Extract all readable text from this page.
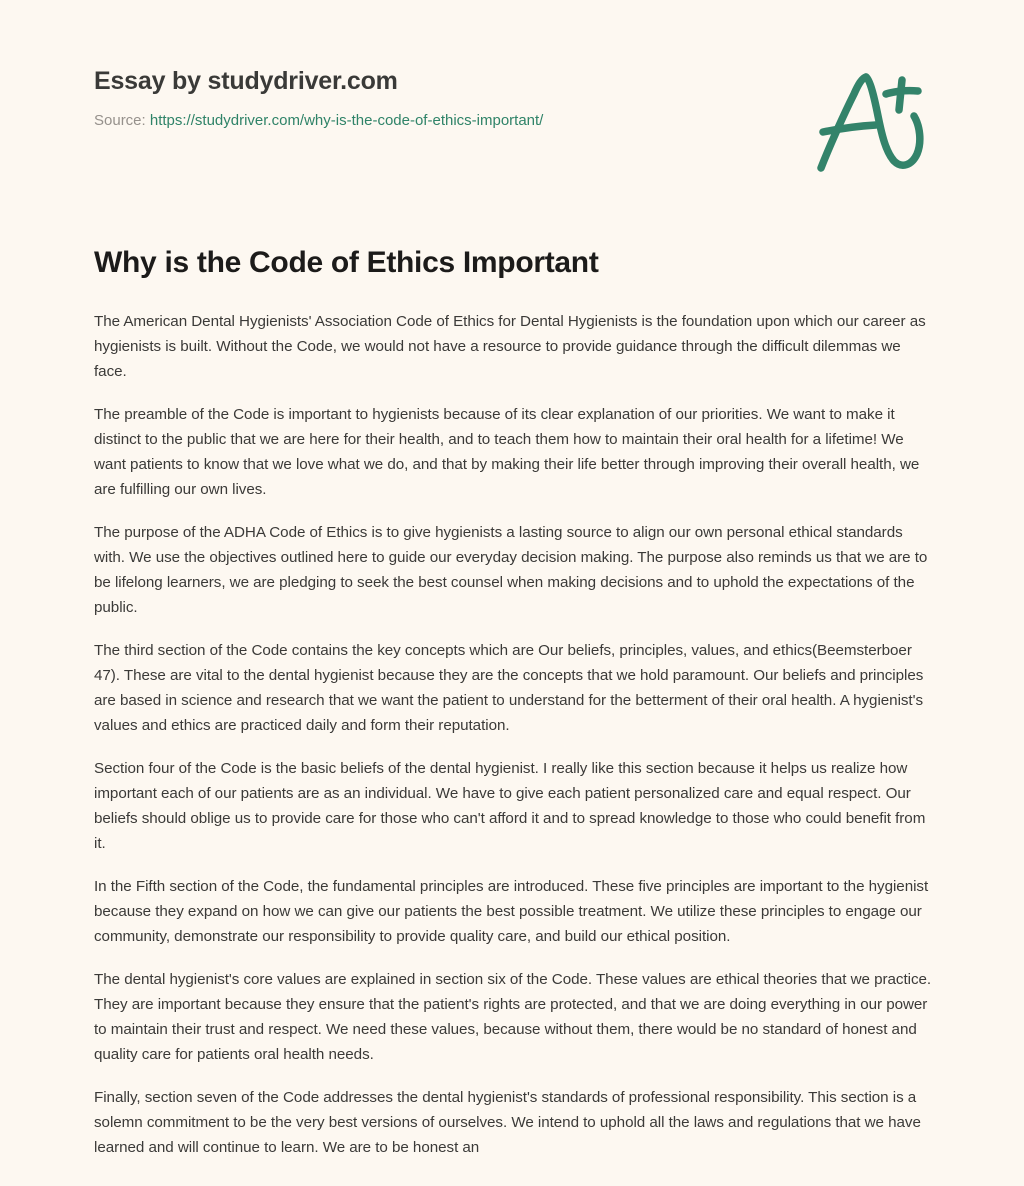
Essay by studydriver.com
Source: https://studydriver.com/why-is-the-code-of-ethics-important/
Why is the Code of Ethics Important

The American Dental Hygienists' Association Code of Ethics for Dental Hygienists is the foundation upon which our career as hygienists is built. Without the Code, we would not have a resource to provide guidance through the difficult dilemmas we face.

The preamble of the Code is important to hygienists because of its clear explanation of our priorities. We want to make it distinct to the public that we are here for their health, and to teach them how to maintain their oral health for a lifetime! We want patients to know that we love what we do, and that by making their life better through improving their overall health, we are fulfilling our own lives.

The purpose of the ADHA Code of Ethics is to give hygienists a lasting source to align our own personal ethical standards with. We use the objectives outlined here to guide our everyday decision making. The purpose also reminds us that we are to be lifelong learners, we are pledging to seek the best counsel when making decisions and to uphold the expectations of the public.

The third section of the Code contains the key concepts which are Our beliefs, principles, values, and ethics(Beemsterboer 47). These are vital to the dental hygienist because they are the concepts that we hold paramount. Our beliefs and principles are based in science and research that we want the patient to understand for the betterment of their oral health. A hygienist's values and ethics are practiced daily and form their reputation.

Section four of the Code is the basic beliefs of the dental hygienist. I really like this section because it helps us realize how important each of our patients are as an individual. We have to give each patient personalized care and equal respect. Our beliefs should oblige us to provide care for those who can't afford it and to spread knowledge to those who could benefit from it.

In the Fifth section of the Code, the fundamental principles are introduced. These five principles are important to the hygienist because they expand on how we can give our patients the best possible treatment. We utilize these principles to engage our community, demonstrate our responsibility to provide quality care, and build our ethical position.

The dental hygienist's core values are explained in section six of the Code. These values are ethical theories that we practice. They are important because they ensure that the patient's rights are protected, and that we are doing everything in our power to maintain their trust and respect. We need these values, because without them, there would be no standard of honest and quality care for patients oral health needs.

Finally, section seven of the Code addresses the dental hygienist's standards of professional responsibility. This section is a solemn commitment to be the very best versions of ourselves. We intend to uphold all the laws and regulations that we have learned and will continue to learn. We are to be honest an
